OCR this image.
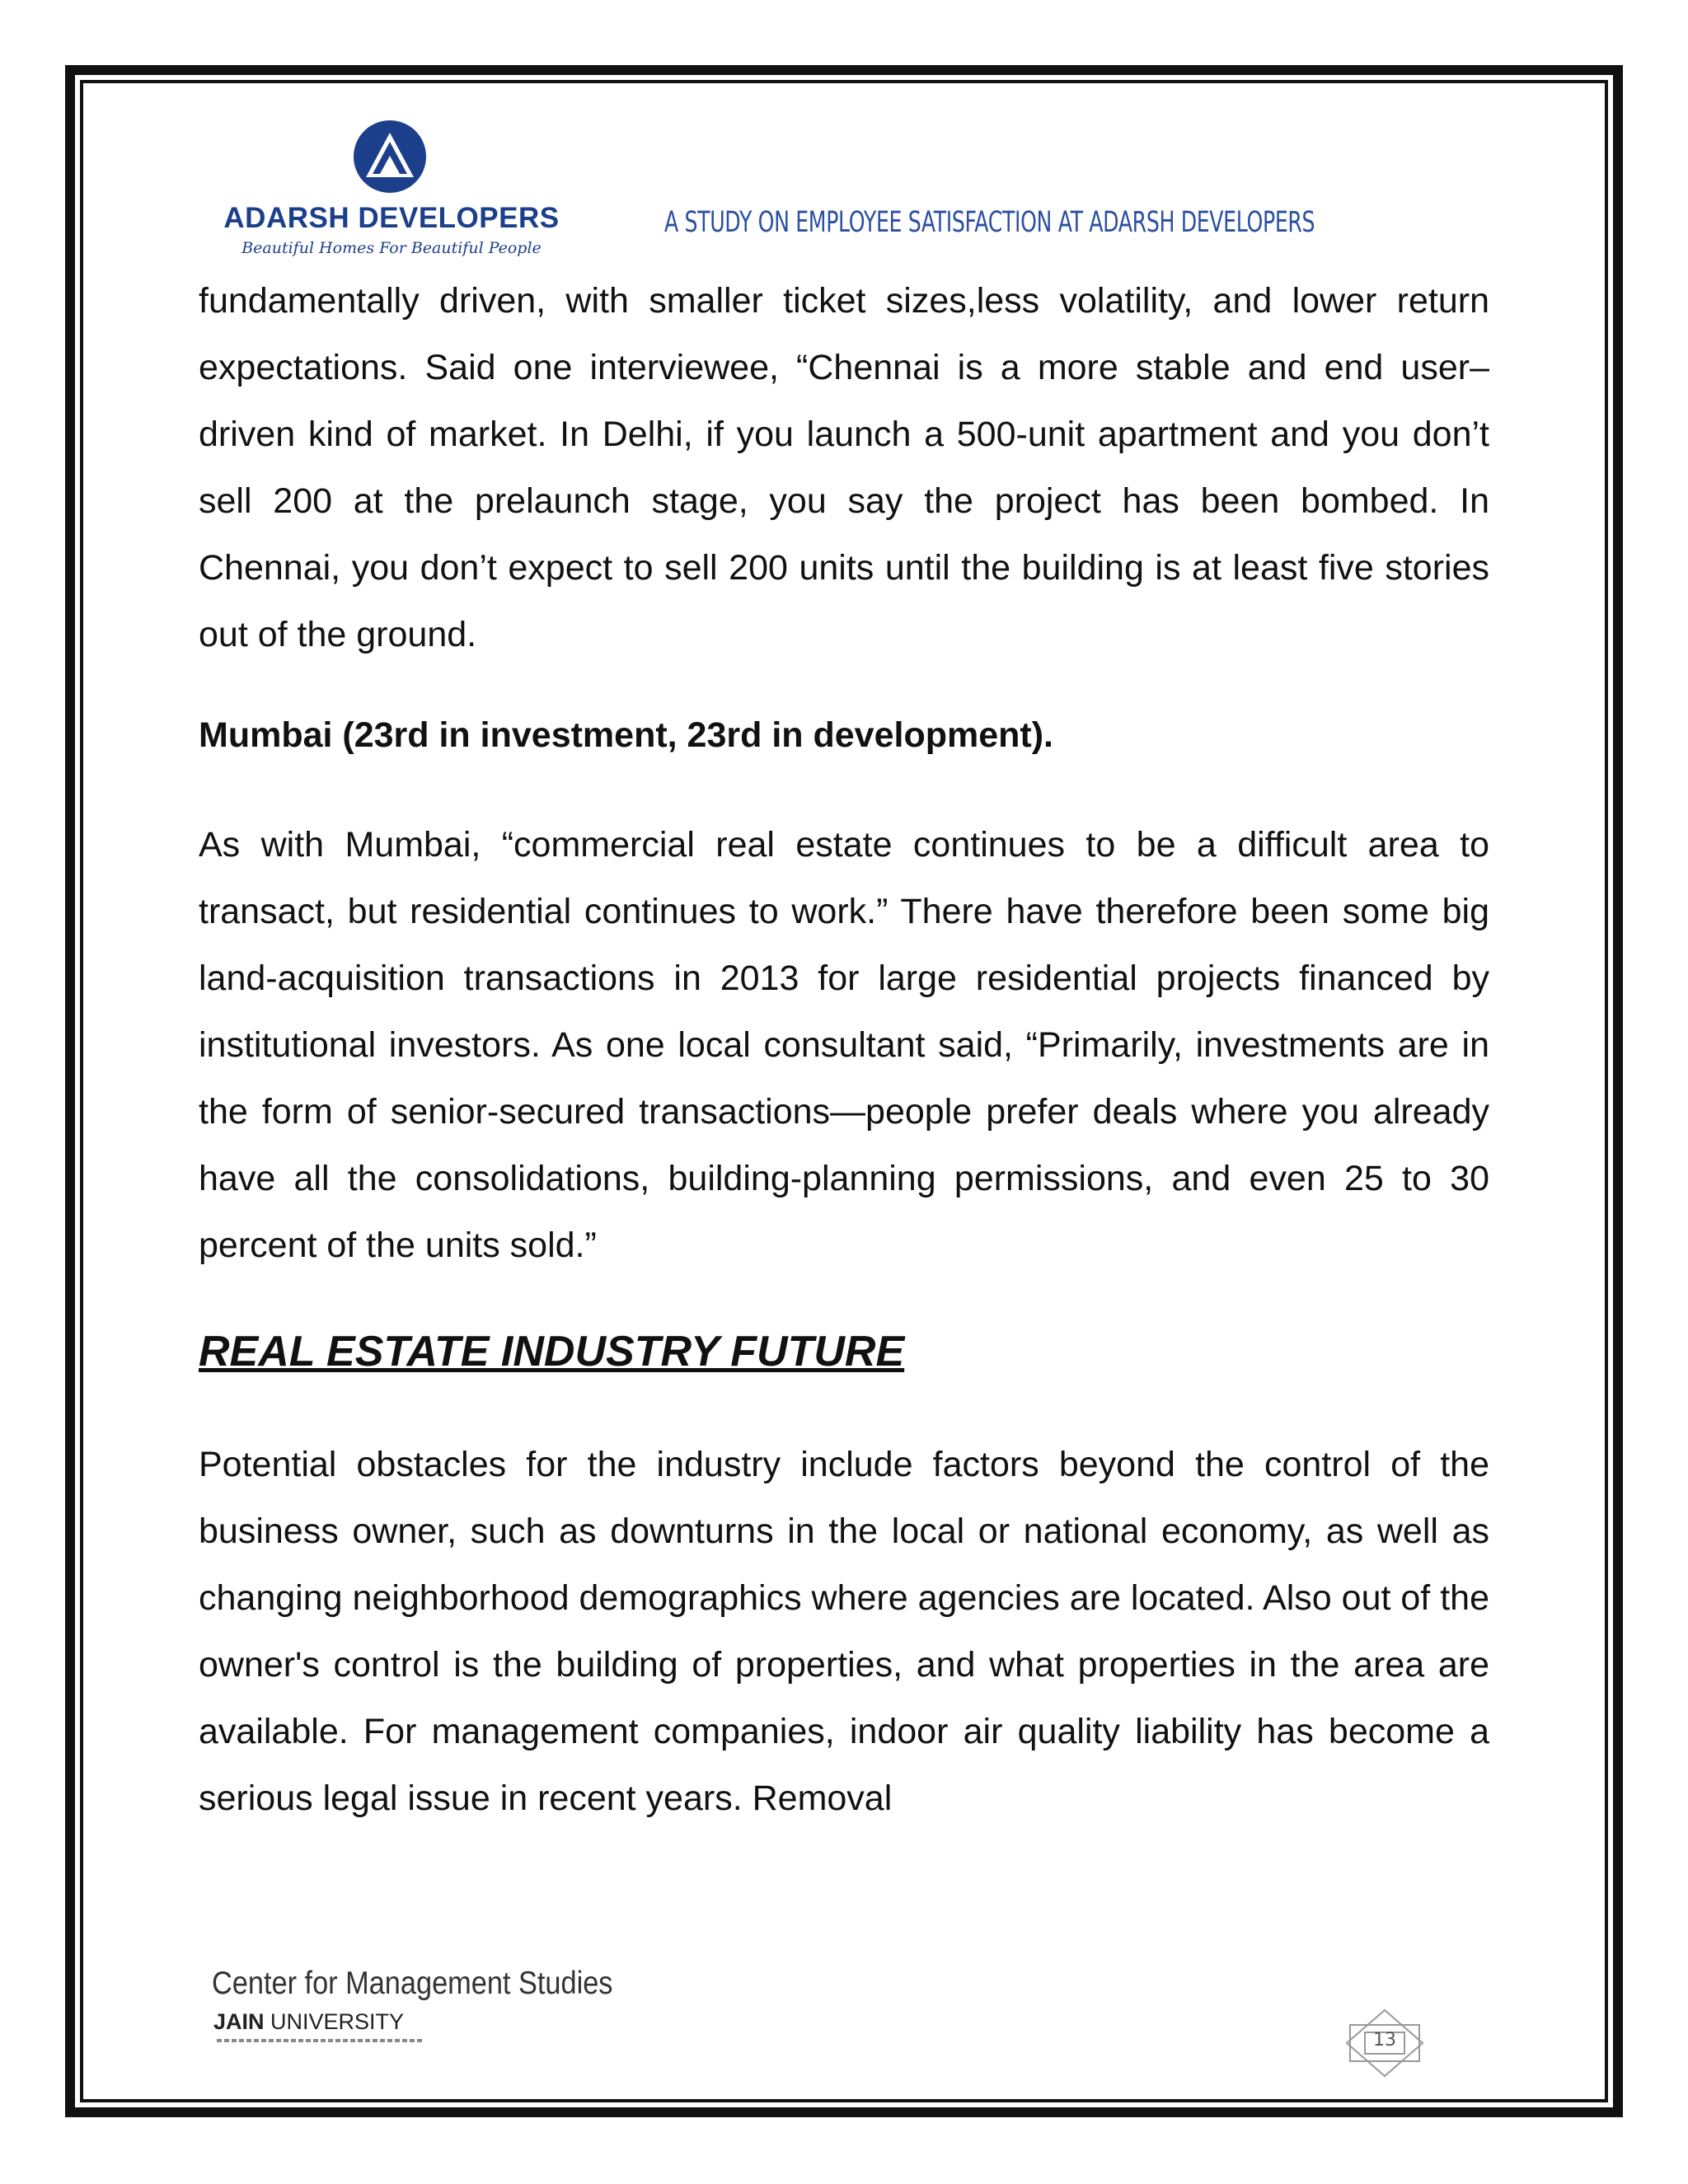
ADARSH DEVELOPERS
Beautiful Homes For Beautiful People
A STUDY ON EMPLOYEE SATISFACTION AT ADARSH DEVELOPERS

fundamentally driven, with smaller ticket sizes,less volatility, and lower return expectations. Said one interviewee, “Chennai is a more stable and end user–driven kind of market. In Delhi, if you launch a 500-unit apartment and you don’t sell 200 at the prelaunch stage, you say the project has been bombed. In Chennai, you don’t expect to sell 200 units until the building is at least five stories out of the ground.

Mumbai (23rd in investment, 23rd in development).

As with Mumbai, “commercial real estate continues to be a difficult area to transact, but residential continues to work.” There have therefore been some big land-acquisition transactions in 2013 for large residential projects financed by institutional investors. As one local consultant said, “Primarily, investments are in the form of senior-secured transactions—people prefer deals where you already have all the consolidations, building-planning permissions, and even 25 to 30 percent of the units sold.”

REAL ESTATE INDUSTRY FUTURE

Potential obstacles for the industry include factors beyond the control of the business owner, such as downturns in the local or national economy, as well as changing neighborhood demographics where agencies are located. Also out of the owner's control is the building of properties, and what properties in the area are available. For management companies, indoor air quality liability has become a serious legal issue in recent years. Removal

Center for Management Studies
JAIN UNIVERSITY
13
